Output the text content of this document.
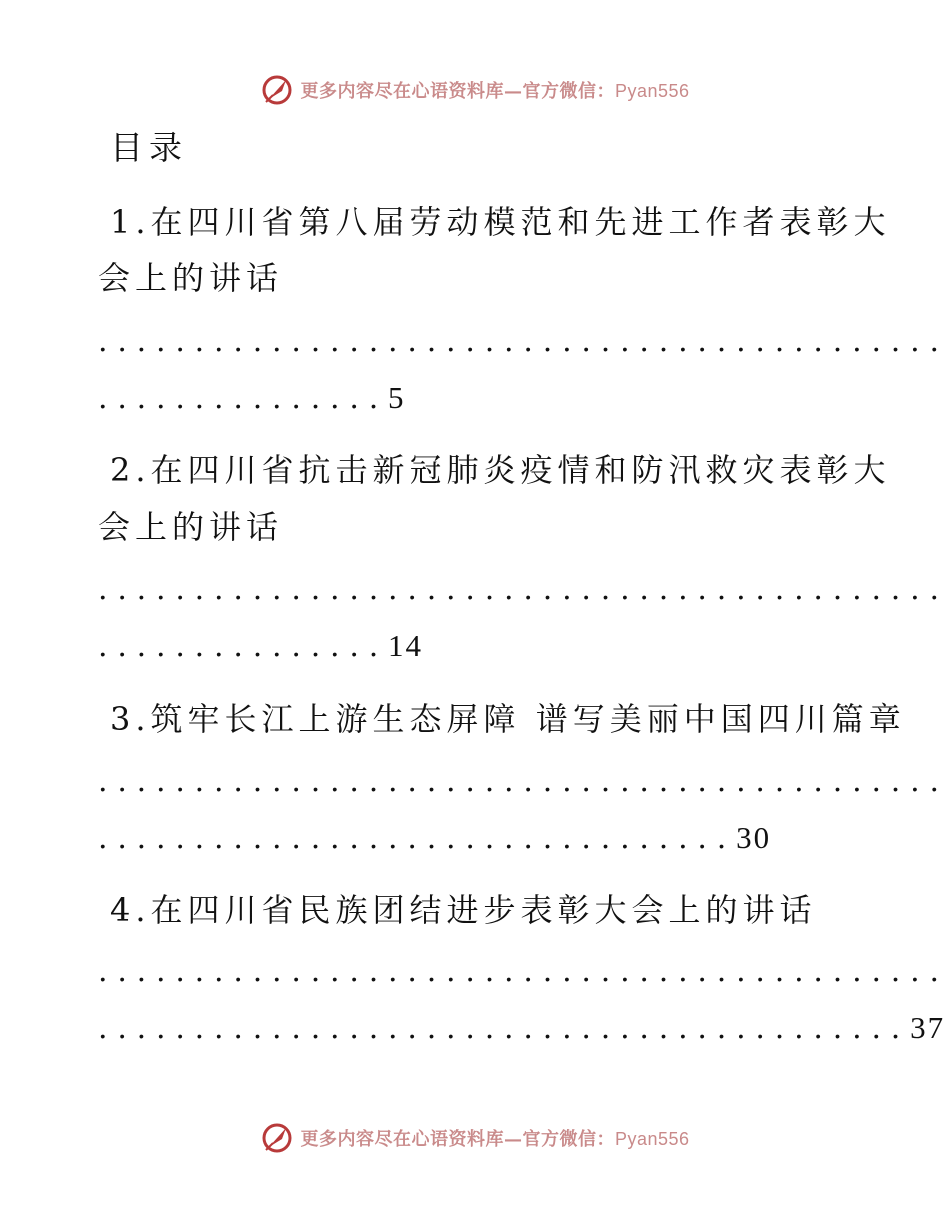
更多内容尽在心语资料库—官方微信：Pyan556
目录
1.在四川省第八届劳动模范和先进工作者表彰大
会上的讲话
............................................
...............5
2.在四川省抗击新冠肺炎疫情和防汛救灾表彰大
会上的讲话
............................................
...............14
3.筑牢长江上游生态屏障 谱写美丽中国四川篇章
............................................
.................................30
4.在四川省民族团结进步表彰大会上的讲话
............................................
..........................................37
更多内容尽在心语资料库—官方微信：Pyan556
